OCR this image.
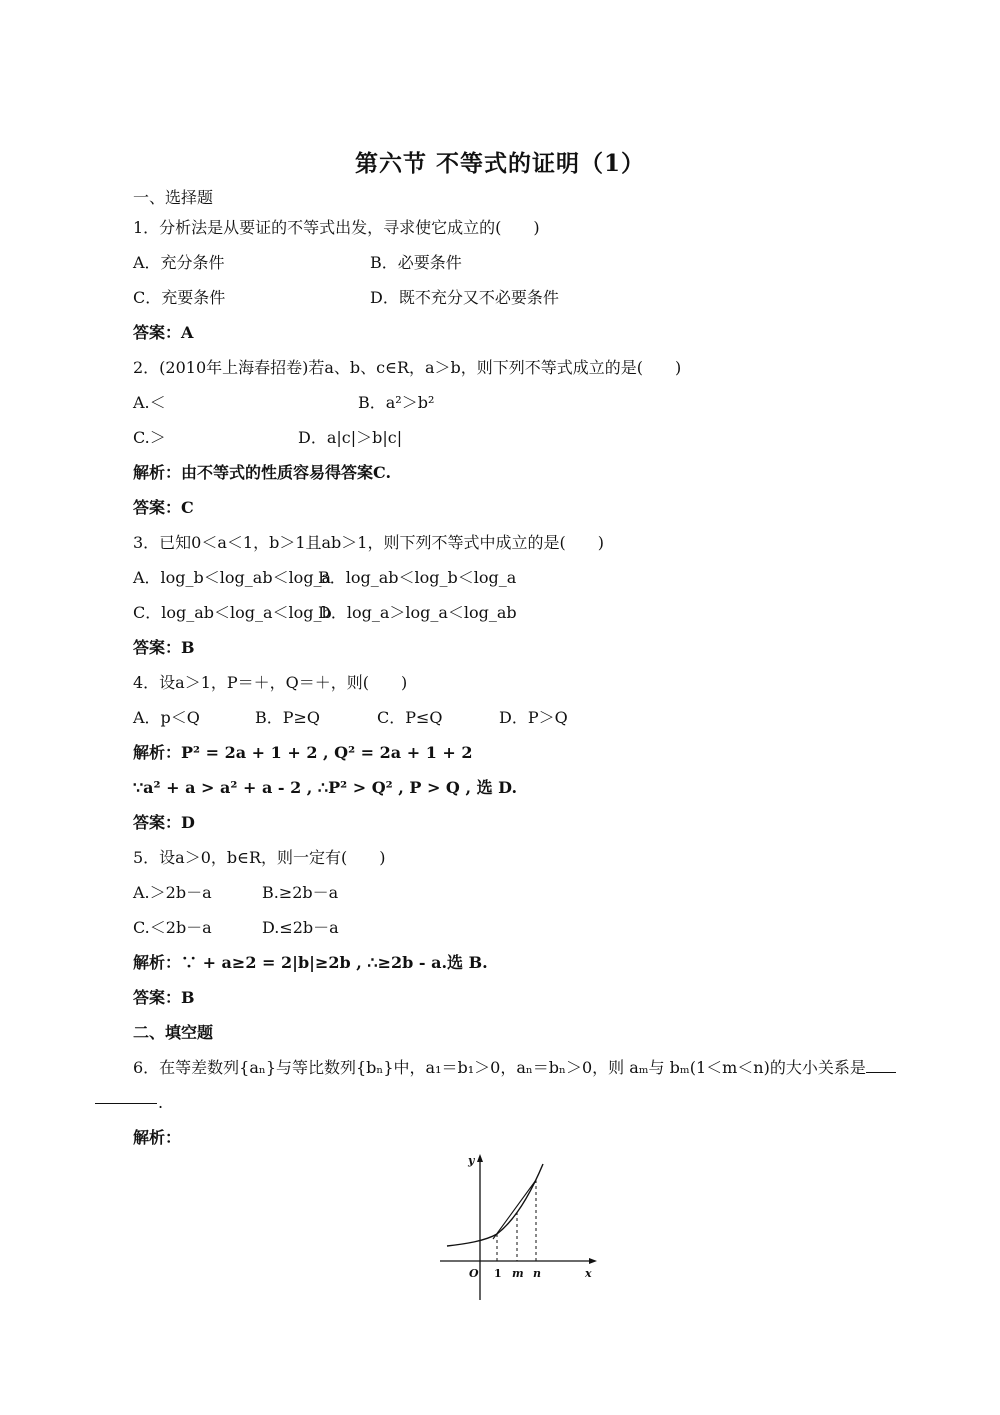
第六节 不等式的证明（1）
一、选择题
1．分析法是从要证的不等式出发，寻求使它成立的(　　)
A．充分条件	B．必要条件
C．充要条件	D．既不充分又不必要条件
答案：A
2．(2010年上海春招卷)若a、b、c∈R，a＞b，则下列不等式成立的是(　　)
A.＜	B．a²＞b²
C.＞	D．a|c|＞b|c|
解析：由不等式的性质容易得答案C.
答案：C
3．已知0＜a＜1，b＞1且ab＞1，则下列不等式中成立的是(　　)
A．log_b＜log_ab＜log_a
B．log_ab＜log_b＜log_a
C．log_ab＜log_a＜log_b
D．log_a＞log_a＜log_ab
答案：B
4．设a＞1，P＝＋，Q＝＋，则(　　)
A．p＜Q	B．P≥Q	C．P≤Q	D．P＞Q
解析：P² = 2a + 1 + 2 , Q² = 2a + 1 + 2
∵a² + a > a² + a - 2 , ∴P² > Q² , P > Q , 选 D.
答案：D
5．设a＞0，b∈R，则一定有(　　)
A.＞2b－a	B.≥2b－a
C.＜2b－a	D.≤2b－a
解析：∵ + a≥2 = 2|b|≥2b , ∴≥2b - a.选 B.
答案：B
二、填空题
6．在等差数列{aₙ}与等比数列{bₙ}中，a₁＝b₁＞0，aₙ＝bₙ＞0，则 aₘ与 bₘ(1＜m＜n)的大小关系是
.
解析：
y
x
O 1 m n
